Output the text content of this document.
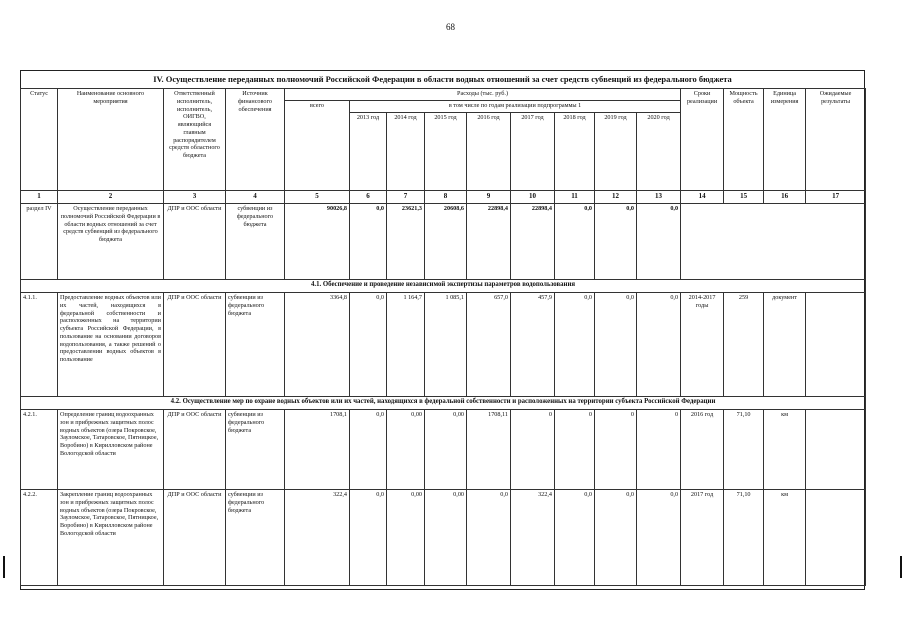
68
IV. Осуществление переданных полномочий Российской Федерации в области водных отношений за счет средств субвенций из федерального бюджета
Статус	Наименование основного мероприятия	Ответственный исполнитель, исполнитель, ОИГВО, являющийся главным распорядителем средств областного бюджета	Источник финансового обеспечения	Расходы (тыс. руб.)									Сроки реализации	Мощность объекта	Единица измерения	Ожидаемые результаты
				всего	в том числе по годам реализации подпрограммы 1											
					2013 год	2014 год	2015 год	2016 год	2017 год	2018 год	2019 год	2020 год				
1	2	3	4	5	6	7	8	9	10	11	12	13	14	15	16	17
раздел IV	Осуществление переданных полномочий Российской Федерации в области водных отношений за счет средств субвенций из федерального бюджета	ДПР и ООС области	субвенции из федерального бюджета	90026,8	0,0	23621,3	20608,6	22898,4	22898,4	0,0	0,0	0,0				
4.1. Обеспечение и проведение независимой экспертизы параметров водопользования																
4.1.1.	Предоставление водных объектов или их частей, находящихся в федеральной собственности и расположенных на территории субъекта Российской Федерации, в пользование на основании договоров водопользования, а также решений о предоставлении водных объектов в пользование	ДПР и ООС области	субвенции из федерального бюджета	3364,8	0,0	1 164,7	1 085,1	657,0	457,9	0,0	0,0	0,0	2014-2017 годы	259	документ	
4.2. Осуществление мер по охране водных объектов или их частей, находящихся в федеральной собственности и расположенных на территории субъекта Российской Федерации																
4.2.1.	Определение границ водоохранных зон и прибрежных защитных полос водных объектов (озера Покровское, Зауломское, Татаровское, Пятницкое, Воробино) в Кирилловском районе Вологодской области	ДПР и ООС области	субвенции из федерального бюджета	1708,1	0,0	0,00	0,00	1708,11	0	0	0	0	2016 год	71,10	км	
4.2.2.	Закрепление границ водоохранных зон и прибрежных защитных полос водных объектов (озера Покровское, Зауломское, Татаровское, Пятницкое, Воробино) в Кирилловском районе Вологодской области	ДПР и ООС области	субвенции из федерального бюджета	322,4	0,0	0,00	0,00	0,0	322,4	0,0	0,0	0,0	2017 год	71,10	км	
